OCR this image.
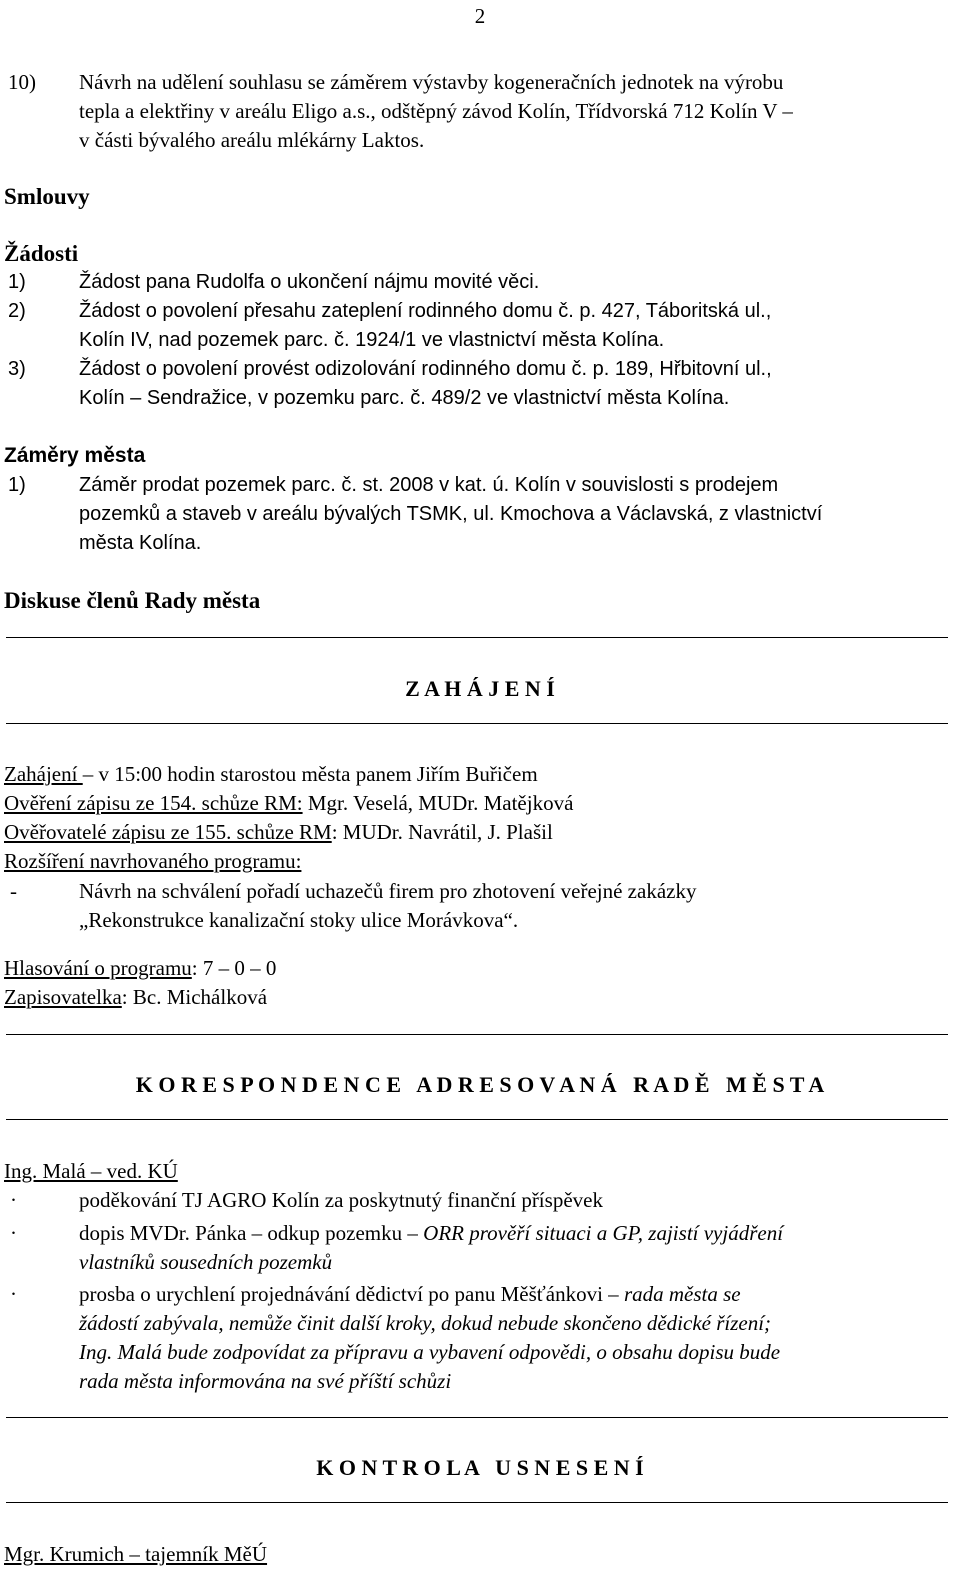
2
10) Návrh na udělení souhlasu se záměrem výstavby kogeneračních jednotek na výrobu
tepla a elektřiny v areálu Eligo a.s., odštěpný závod Kolín, Třídvorská 712 Kolín V –
v části bývalého areálu mlékárny Laktos.
Smlouvy
Žádosti
1)	Žádost pana Rudolfa o ukončení nájmu movité věci.
2)	Žádost o povolení přesahu zateplení rodinného domu č. p. 427, Táboritská ul.,
Kolín IV, nad pozemek parc. č. 1924/1 ve vlastnictví města Kolína.
3)	Žádost o povolení provést odizolování rodinného domu č. p. 189, Hřbitovní ul.,
Kolín – Sendražice, v pozemku parc. č. 489/2 ve vlastnictví města Kolína.
Záměry města
1)	Záměr prodat pozemek parc. č. st. 2008 v kat. ú. Kolín v souvislosti s prodejem
pozemků a staveb v areálu bývalých TSMK, ul. Kmochova a Václavská, z vlastnictví
města Kolína.
Diskuse členů Rady města
Z A H Á J E N Í
Zahájení – v 15:00 hodin starostou města panem Jiřím Buřičem
Ověření zápisu ze 154. schůze RM: Mgr. Veselá, MUDr. Matějková
Ověřovatelé zápisu ze 155. schůze RM: MUDr. Navrátil, J. Plašil
Rozšíření navrhovaného programu:
-	Návrh na schválení pořadí uchazečů firem pro zhotovení veřejné zakázky
„Rekonstrukce kanalizační stoky ulice Morávkova“.
Hlasování o programu: 7 – 0 – 0
Zapisovatelka: Bc. Michálková
K O R E S P O N D E N C E   A D R E S O V A N Á   R A D Ě   M Ě S T A
Ing. Malá – ved. KÚ
·	poděkování TJ AGRO Kolín za poskytnutý finanční příspěvek
·	dopis MVDr. Pánka – odkup pozemku – ORR prověří situaci a GP, zajistí vyjádření
vlastníků sousedních pozemků
·	prosba o urychlení projednávání dědictví po panu Měšťánkovi – rada města se
žádostí zabývala, nemůže činit další kroky, dokud nebude skončeno dědické řízení;
Ing. Malá bude zodpovídat za přípravu a vybavení odpovědi, o obsahu dopisu bude
rada města informována na své příští schůzi
K O N T R O L A   U S N E S E N Í
Mgr. Krumich – tajemník MěÚ
